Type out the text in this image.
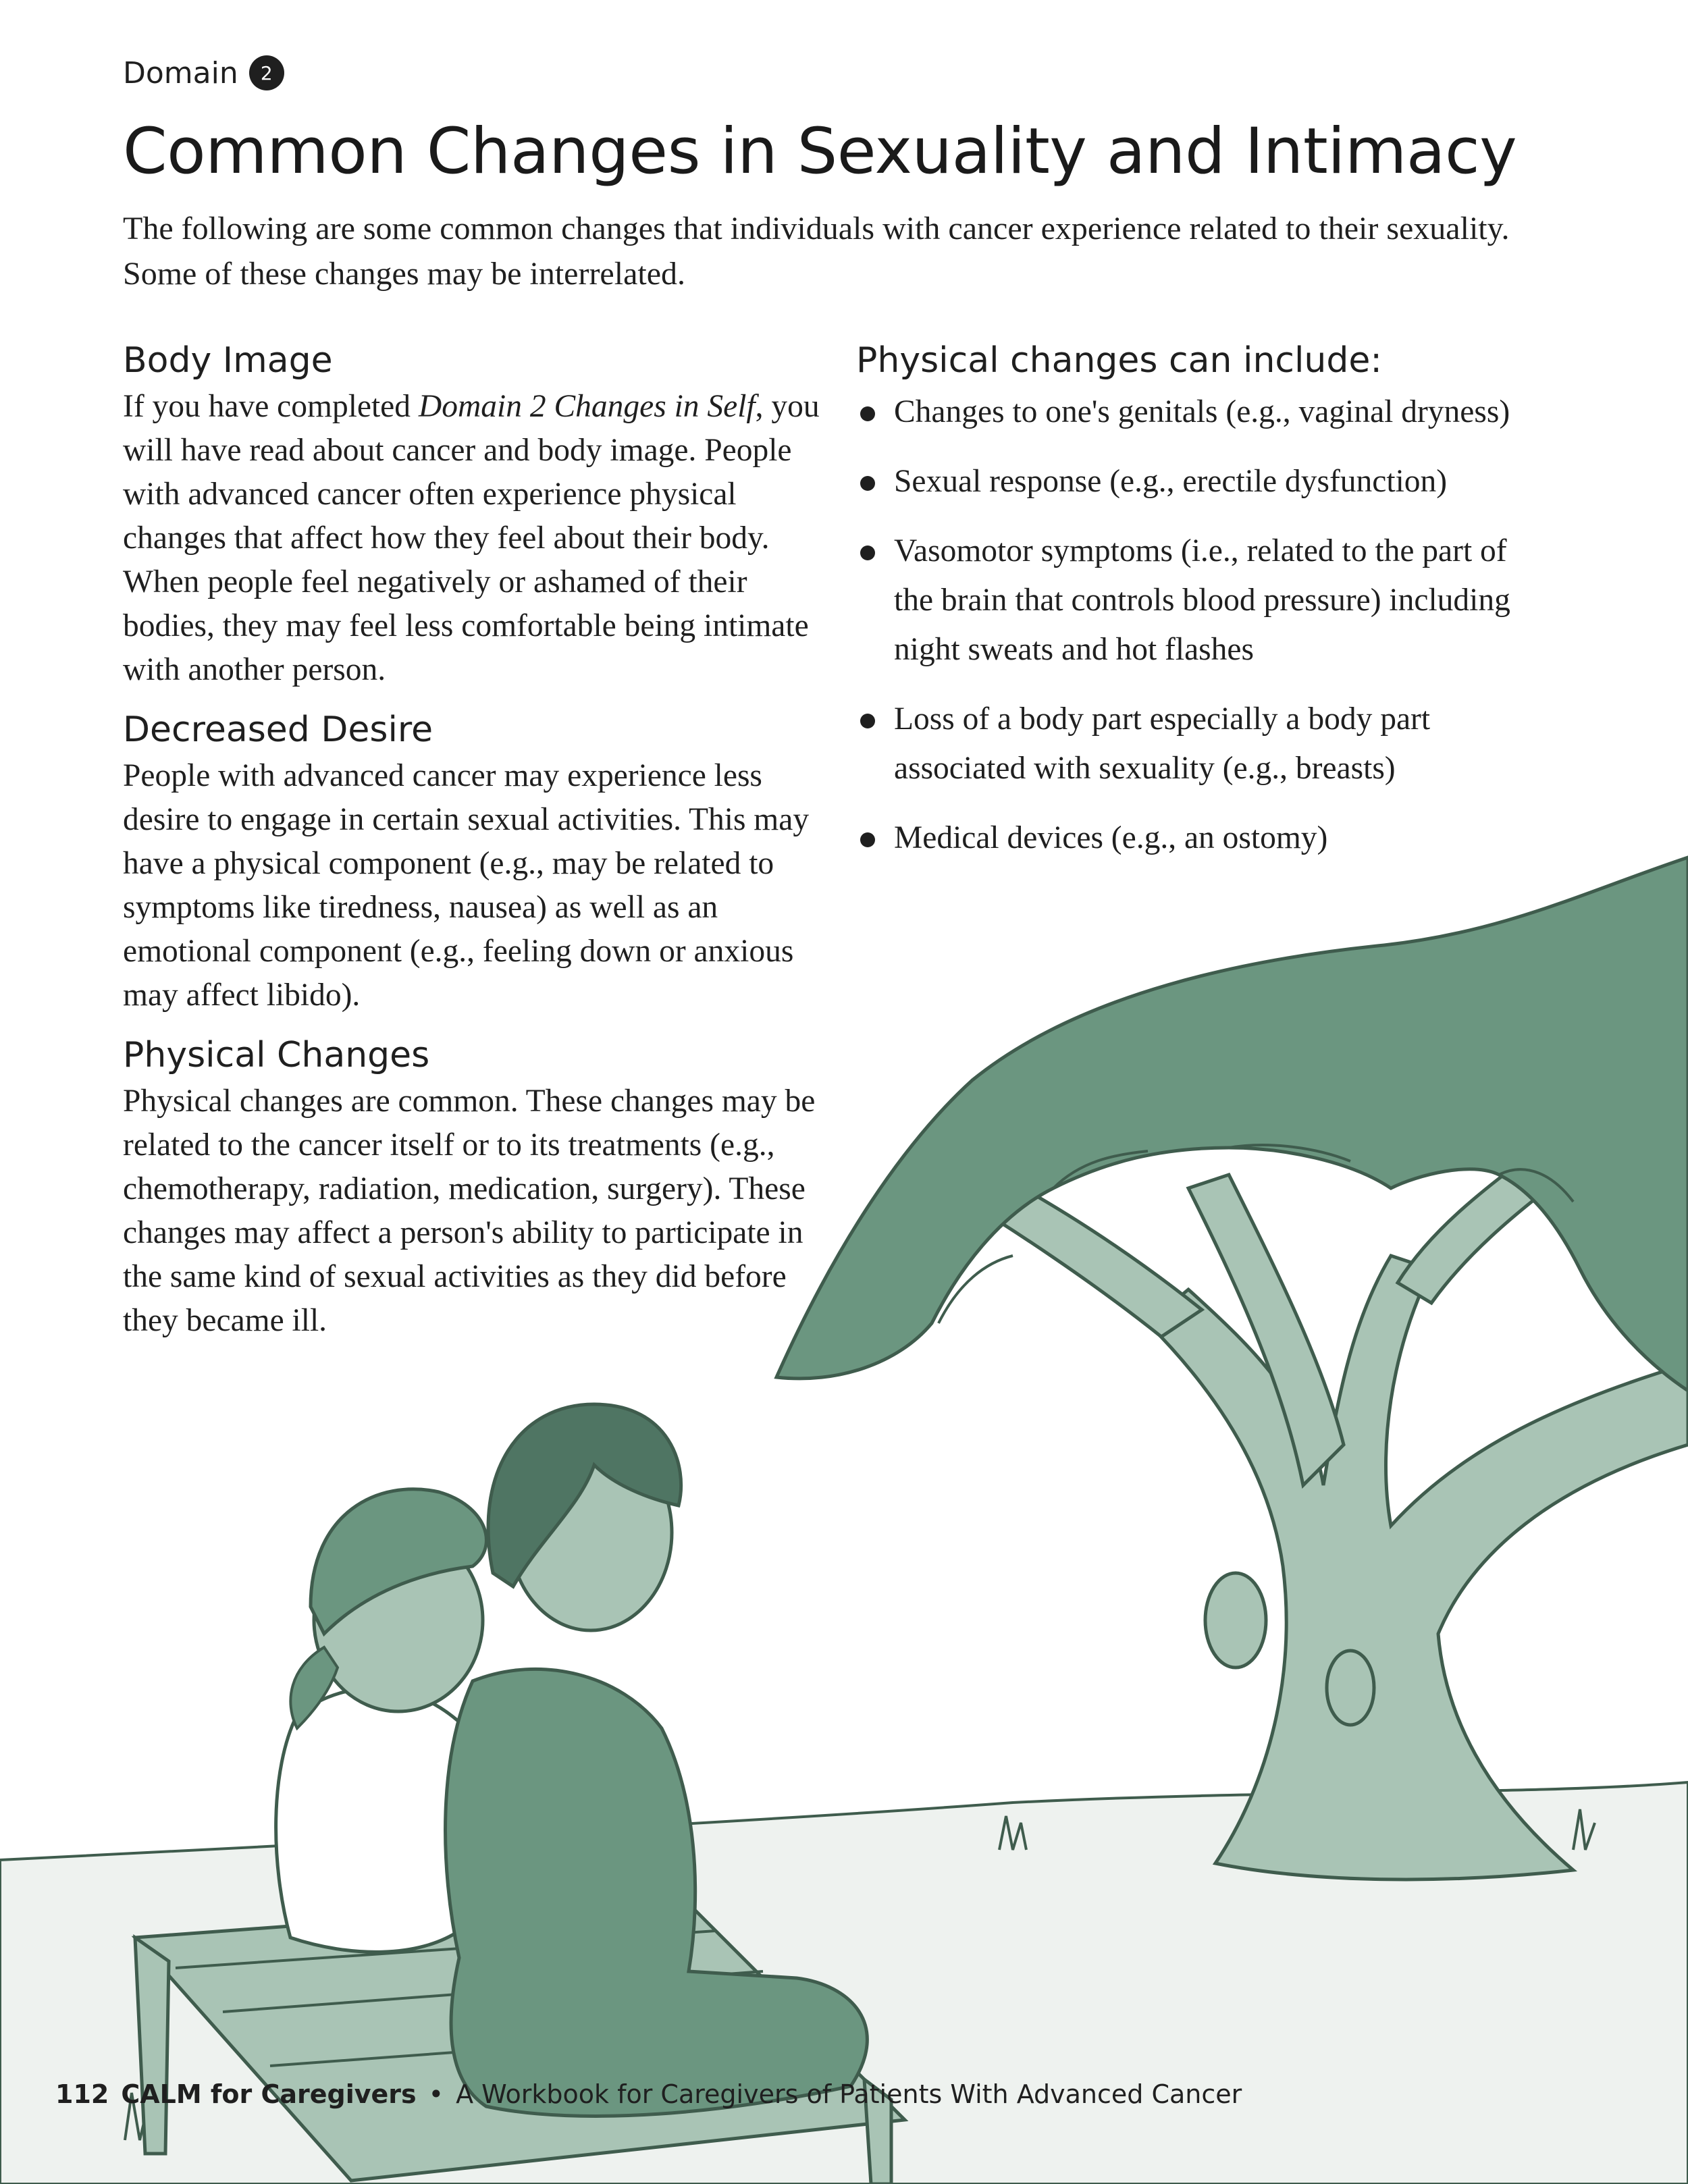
Domain	2
Common Changes in Sexuality and Intimacy

The following are some common changes that individuals with cancer experience related to their sexuality. Some of these changes may be interrelated.

Body Image

If you have completed Domain 2 Changes in Self, you will have read about cancer and body image. People with advanced cancer often experience physical changes that affect how they feel about their body. When people feel negatively or ashamed of their bodies, they may feel less comfortable being intimate with another person.

Decreased Desire

People with advanced cancer may experience less desire to engage in certain sexual activities. This may have a physical component (e.g., may be related to symptoms like tiredness, nausea) as well as an emotional component (e.g., feeling down or anxious may affect libido).

Physical Changes

Physical changes are common. These changes may be related to the cancer itself or to its treatments (e.g., chemotherapy, radiation, medication, surgery). These changes may affect a person's ability to participate in the same kind of sexual activities as they did before they became ill.

Physical changes can include:
Changes to one's genitals (e.g., vaginal dryness)
Sexual response (e.g., erectile dysfunction)
Vasomotor symptoms (i.e., related to the part of the brain that controls blood pressure) including night sweats and hot flashes
Loss of a body part especially a body part associated with sexuality (e.g., breasts)
Medical devices (e.g., an ostomy)
112 CALM for Caregivers • A Workbook for Caregivers of Patients With Advanced Cancer
